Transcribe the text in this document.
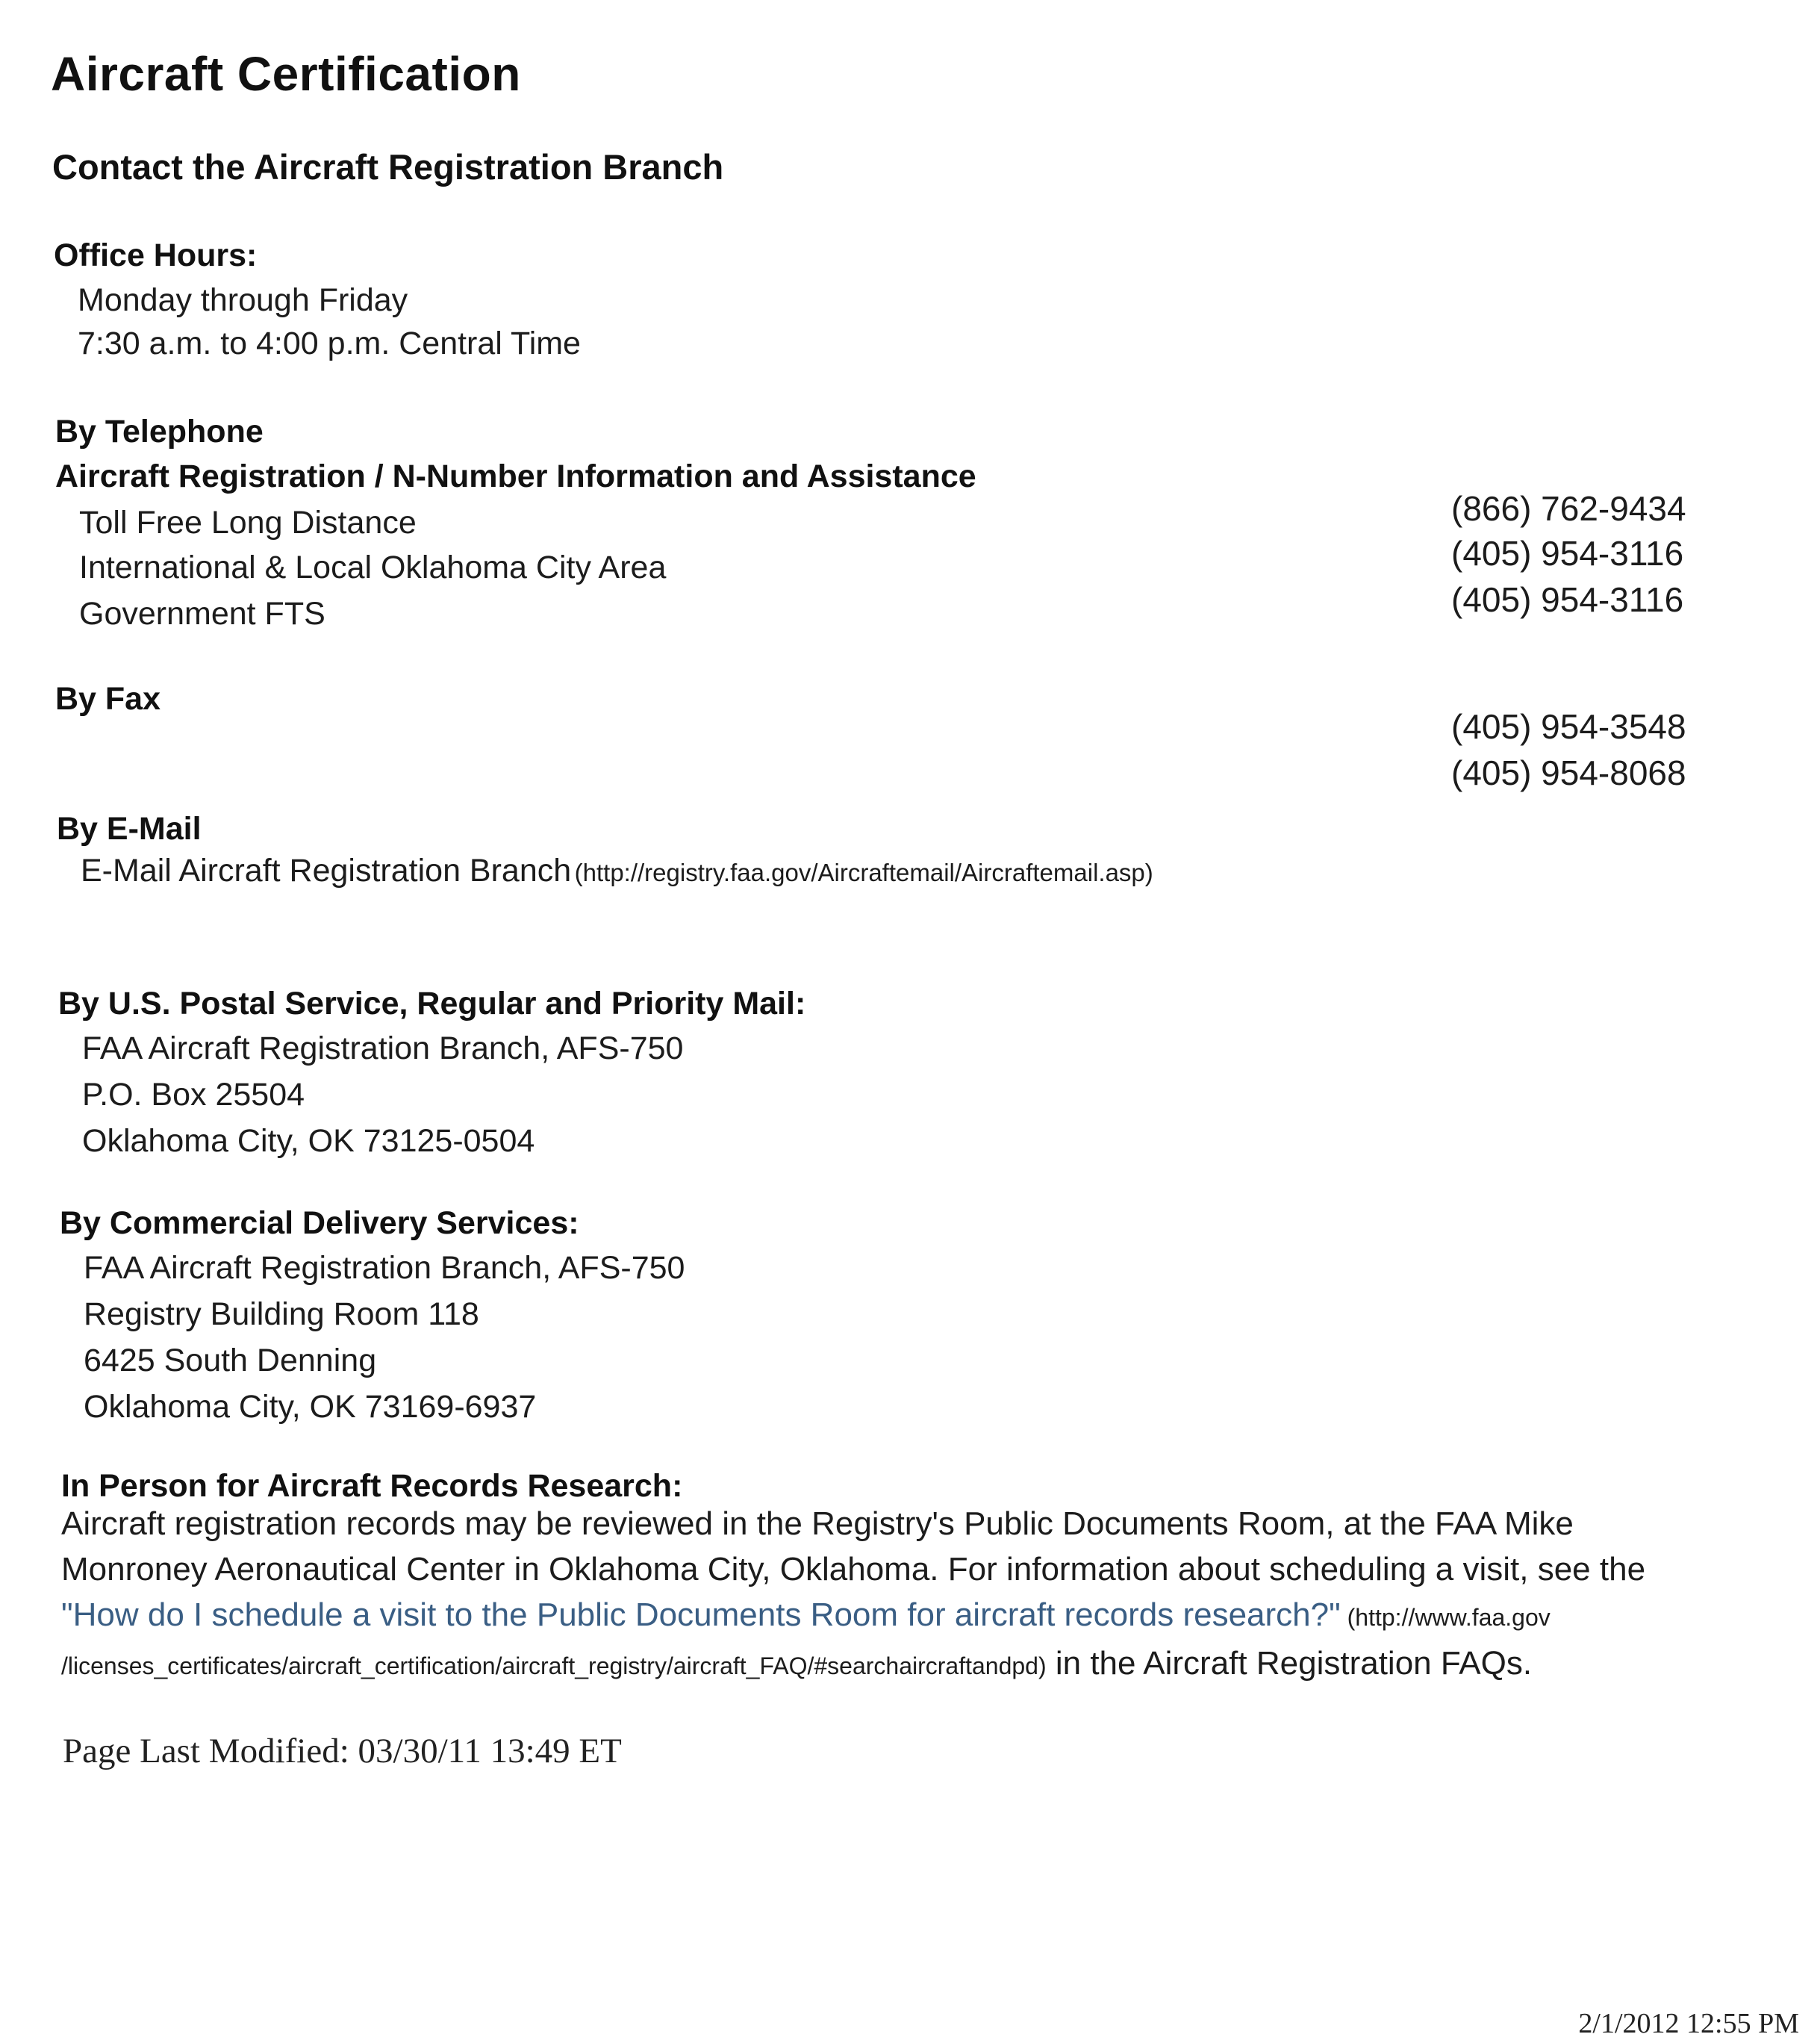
Aircraft Certification
Contact the Aircraft Registration Branch
Office Hours:
Monday through Friday
7:30 a.m. to 4:00 p.m. Central Time
By Telephone
Aircraft Registration / N-Number Information and Assistance
Toll Free Long Distance	(866) 762-9434
International & Local Oklahoma City Area	(405) 954-3116
Government FTS	(405) 954-3116
By Fax
(405) 954-3548
(405) 954-8068
By E-Mail
E-Mail Aircraft Registration Branch (http://registry.faa.gov/Aircraftemail/Aircraftemail.asp)
By U.S. Postal Service, Regular and Priority Mail:
FAA Aircraft Registration Branch, AFS-750
P.O. Box 25504
Oklahoma City, OK 73125-0504
By Commercial Delivery Services:
FAA Aircraft Registration Branch, AFS-750
Registry Building Room 118
6425 South Denning
Oklahoma City, OK 73169-6937
In Person for Aircraft Records Research:
Aircraft registration records may be reviewed in the Registry's Public Documents Room, at the FAA Mike Monroney Aeronautical Center in Oklahoma City, Oklahoma. For information about scheduling a visit, see the "How do I schedule a visit to the Public Documents Room for aircraft records research?" (http://www.faa.gov /licenses_certificates/aircraft_certification/aircraft_registry/aircraft_FAQ/#searchaircraftandpd) in the Aircraft Registration FAQs.
Page Last Modified: 03/30/11 13:49 ET
2/1/2012 12:55 PM
